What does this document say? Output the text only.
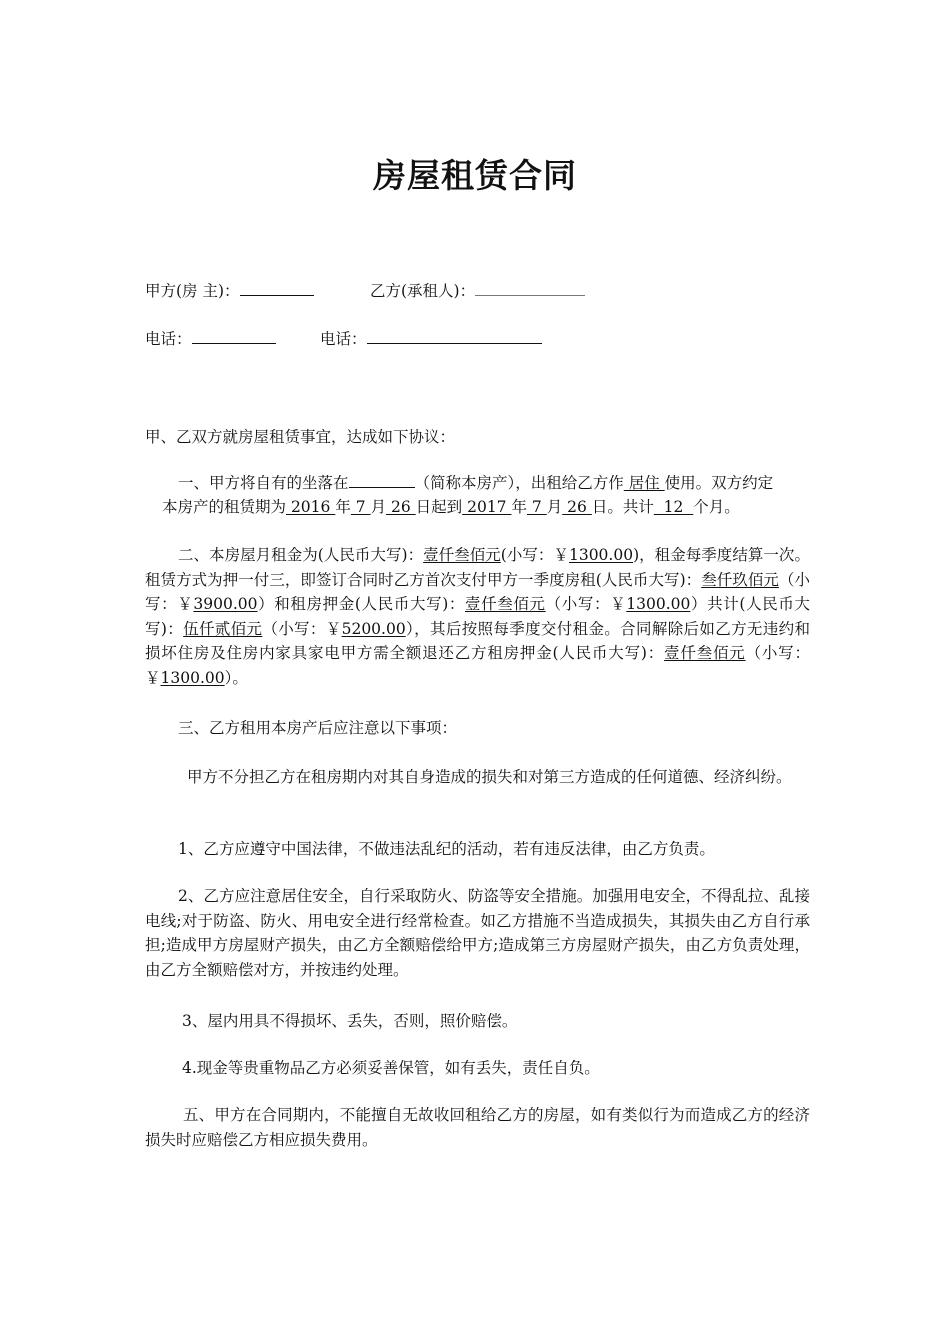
房屋租赁合同
甲方(房 主)：	乙方(承租人)：
电话：	电话：
甲、乙双方就房屋租赁事宜，达成如下协议：
一、甲方将自有的坐落在	（简称本房产），出租给乙方作 居住 使用。双方约定
本房产的租赁期为 2016 年 7 月 26 日起到 2017 年 7 月 26 日。共计  12  个月。
二、本房屋月租金为(人民币大写)：壹仟叁佰元(小写：￥1300.00)，租金每季度结算一次。租赁方式为押一付三，即签订合同时乙方首次支付甲方一季度房租(人民币大写)：叁仟玖佰元（小写：￥3900.00）和租房押金(人民币大写)：壹仟叁佰元（小写：￥1300.00）共计(人民币大写)：伍仟贰佰元（小写：￥5200.00），其后按照每季度交付租金。合同解除后如乙方无违约和损坏住房及住房内家具家电甲方需全额退还乙方租房押金(人民币大写)：壹仟叁佰元（小写：￥1300.00）。
三、乙方租用本房产后应注意以下事项：
甲方不分担乙方在租房期内对其自身造成的损失和对第三方造成的任何道德、经济纠纷。
1、乙方应遵守中国法律，不做违法乱纪的活动，若有违反法律，由乙方负责。
2、乙方应注意居住安全，自行采取防火、防盗等安全措施。加强用电安全，不得乱拉、乱接电线;对于防盗、防火、用电安全进行经常检查。如乙方措施不当造成损失，其损失由乙方自行承担;造成甲方房屋财产损失，由乙方全额赔偿给甲方;造成第三方房屋财产损失，由乙方负责处理，由乙方全额赔偿对方，并按违约处理。
3、屋内用具不得损坏、丢失，否则，照价赔偿。
4.现金等贵重物品乙方必须妥善保管，如有丢失，责任自负。
五、甲方在合同期内，不能擅自无故收回租给乙方的房屋，如有类似行为而造成乙方的经济损失时应赔偿乙方相应损失费用。
